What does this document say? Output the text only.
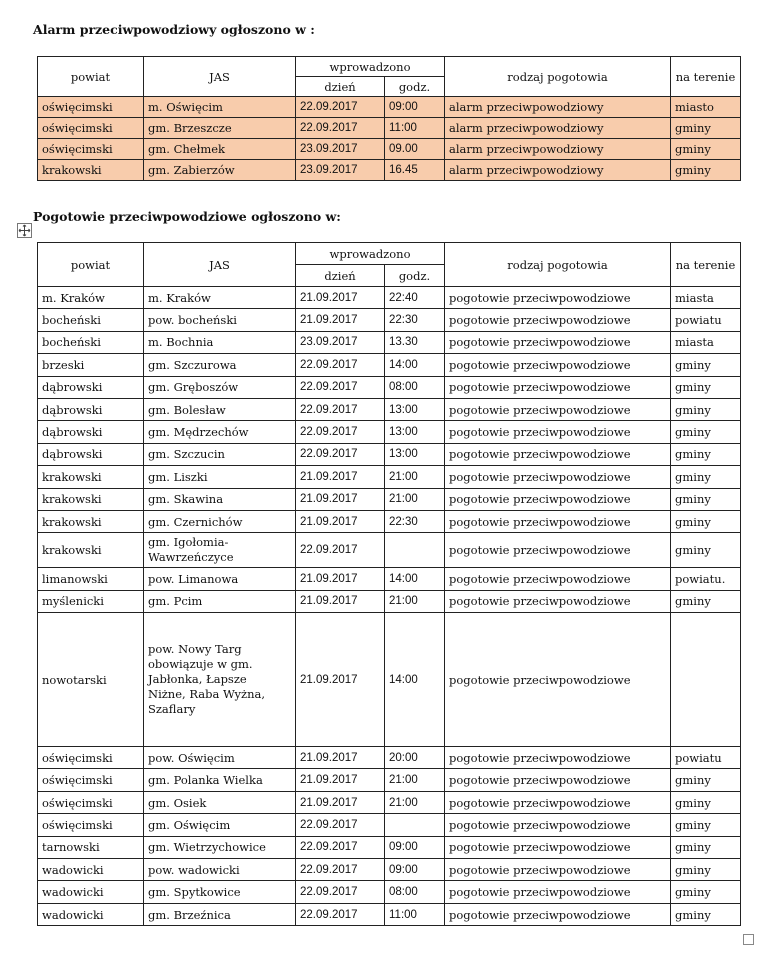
Alarm przeciwpowodziowy ogłoszono w :
powiat	JAS	wprowadzono		rodzaj pogotowia	na terenie
		dzień	godz.		
oświęcimski	m. Oświęcim	22.09.2017	09:00	alarm przeciwpowodziowy	miasto
oświęcimski	gm. Brzeszcze	22.09.2017	11:00	alarm przeciwpowodziowy	gminy
oświęcimski	gm. Chełmek	23.09.2017	09.00	alarm przeciwpowodziowy	gminy
krakowski	gm. Zabierzów	23.09.2017	16.45	alarm przeciwpowodziowy	gminy
Pogotowie przeciwpowodziowe ogłoszono w:
powiat	JAS	wprowadzono		rodzaj pogotowia	na terenie
		dzień	godz.		
m. Kraków	m. Kraków	21.09.2017	22:40	pogotowie przeciwpowodziowe	miasta
bocheński	pow. bocheński	21.09.2017	22:30	pogotowie przeciwpowodziowe	powiatu
bocheński	m. Bochnia	23.09.2017	13.30	pogotowie przeciwpowodziowe	miasta
brzeski	gm. Szczurowa	22.09.2017	14:00	pogotowie przeciwpowodziowe	gminy
dąbrowski	gm. Gręboszów	22.09.2017	08:00	pogotowie przeciwpowodziowe	gminy
dąbrowski	gm. Bolesław	22.09.2017	13:00	pogotowie przeciwpowodziowe	gminy
dąbrowski	gm. Mędrzechów	22.09.2017	13:00	pogotowie przeciwpowodziowe	gminy
dąbrowski	gm. Szczucin	22.09.2017	13:00	pogotowie przeciwpowodziowe	gminy
krakowski	gm. Liszki	21.09.2017	21:00	pogotowie przeciwpowodziowe	gminy
krakowski	gm. Skawina	21.09.2017	21:00	pogotowie przeciwpowodziowe	gminy
krakowski	gm. Czernichów	21.09.2017	22:30	pogotowie przeciwpowodziowe	gminy
krakowski	gm. Igołomia-Wawrzeńczyce	22.09.2017		pogotowie przeciwpowodziowe	gminy
limanowski	pow. Limanowa	21.09.2017	14:00	pogotowie przeciwpowodziowe	powiatu.
myślenicki	gm. Pcim	21.09.2017	21:00	pogotowie przeciwpowodziowe	gminy
nowotarski	pow. Nowy Targ obowiązuje w gm. Jabłonka, Łapsze Niżne, Raba Wyżna, Szaflary	21.09.2017	14:00	pogotowie przeciwpowodziowe	
oświęcimski	pow. Oświęcim	21.09.2017	20:00	pogotowie przeciwpowodziowe	powiatu
oświęcimski	gm. Polanka Wielka	21.09.2017	21:00	pogotowie przeciwpowodziowe	gminy
oświęcimski	gm. Osiek	21.09.2017	21:00	pogotowie przeciwpowodziowe	gminy
oświęcimski	gm. Oświęcim	22.09.2017		pogotowie przeciwpowodziowe	gminy
tarnowski	gm. Wietrzychowice	22.09.2017	09:00	pogotowie przeciwpowodziowe	gminy
wadowicki	pow. wadowicki	22.09.2017	09:00	pogotowie przeciwpowodziowe	gminy
wadowicki	gm. Spytkowice	22.09.2017	08:00	pogotowie przeciwpowodziowe	gminy
wadowicki	gm. Brzeźnica	22.09.2017	11:00	pogotowie przeciwpowodziowe	gminy
